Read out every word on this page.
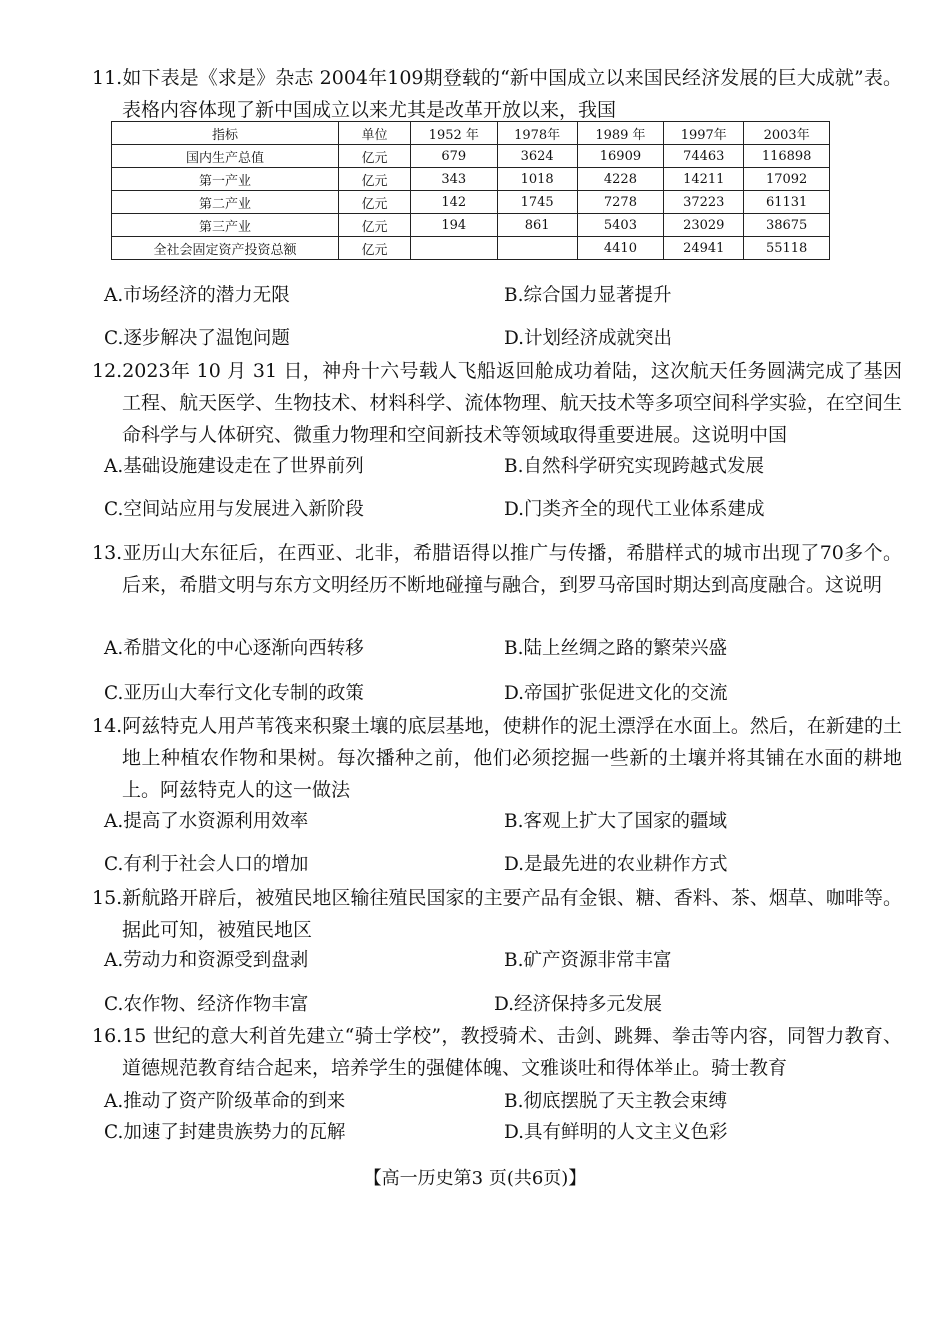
11.如下表是《求是》杂志 2004年109期登载的“新中国成立以来国民经济发展的巨大成就”表。表格内容体现了新中国成立以来尤其是改革开放以来，我国

指标	单位	1952 年	1978年	1989 年	1997年	2003年
国内生产总值	亿元	679	3624	16909	74463	116898
第一产业	亿元	343	1018	4228	14211	17092
第二产业	亿元	142	1745	7278	37223	61131
第三产业	亿元	194	861	5403	23029	38675
全社会固定资产投资总额	亿元			4410	24941	55118
A.市场经济的潜力无限	B.综合国力显著提升
C.逐步解决了温饱问题	D.计划经济成就突出

12.2023年 10 月 31 日，神舟十六号载人飞船返回舱成功着陆，这次航天任务圆满完成了基因工程、航天医学、生物技术、材料科学、流体物理、航天技术等多项空间科学实验，在空间生命科学与人体研究、微重力物理和空间新技术等领域取得重要进展。这说明中国

A.基础设施建设走在了世界前列	B.自然科学研究实现跨越式发展
C.空间站应用与发展进入新阶段	D.门类齐全的现代工业体系建成

13.亚历山大东征后，在西亚、北非，希腊语得以推广与传播，希腊样式的城市出现了70多个。后来，希腊文明与东方文明经历不断地碰撞与融合，到罗马帝国时期达到高度融合。这说明

A.希腊文化的中心逐渐向西转移	B.陆上丝绸之路的繁荣兴盛
C.亚历山大奉行文化专制的政策	D.帝国扩张促进文化的交流

14.阿兹特克人用芦苇筏来积聚土壤的底层基地，使耕作的泥土漂浮在水面上。然后，在新建的土地上种植农作物和果树。每次播种之前，他们必须挖掘一些新的土壤并将其铺在水面的耕地上。阿兹特克人的这一做法

A.提高了水资源利用效率	B.客观上扩大了国家的疆域
C.有利于社会人口的增加	D.是最先进的农业耕作方式

15.新航路开辟后，被殖民地区输往殖民国家的主要产品有金银、糖、香料、茶、烟草、咖啡等。据此可知，被殖民地区

A.劳动力和资源受到盘剥	B.矿产资源非常丰富
C.农作物、经济作物丰富	D.经济保持多元发展

16.15 世纪的意大利首先建立“骑士学校”，教授骑术、击剑、跳舞、拳击等内容，同智力教育、道德规范教育结合起来，培养学生的强健体魄、文雅谈吐和得体举止。骑士教育

A.推动了资产阶级革命的到来	B.彻底摆脱了天主教会束缚
C.加速了封建贵族势力的瓦解	D.具有鲜明的人文主义色彩
【高一历史第3 页(共6页)】
